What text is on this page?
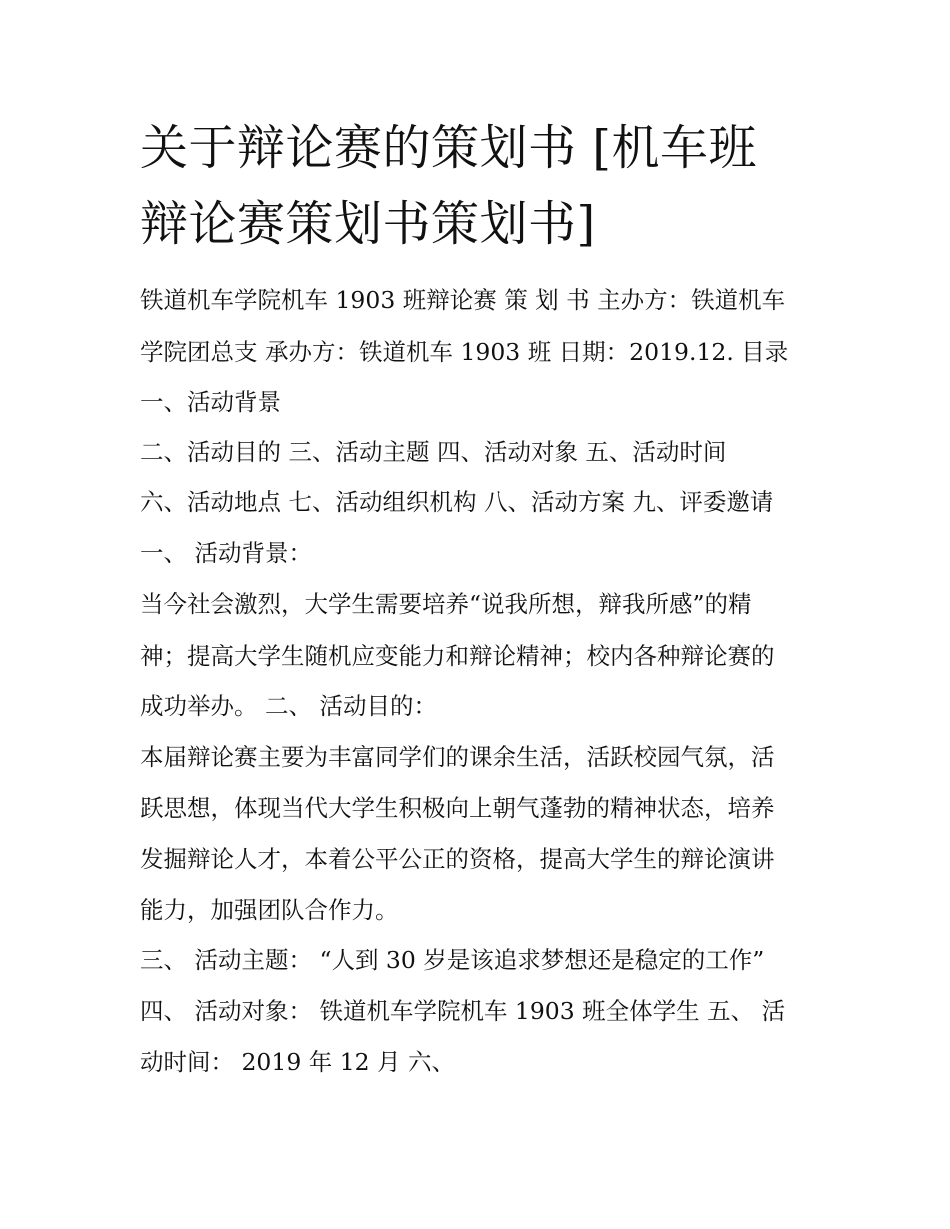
关于辩论赛的策划书 [机车班
辩论赛策划书策划书]

铁道机车学院机车 1903 班辩论赛 策 划 书 主办方：铁道机车

学院团总支 承办方：铁道机车 1903 班 日期：2019.12. 目录

一、活动背景

二、活动目的 三、活动主题 四、活动对象 五、活动时间

六、活动地点 七、活动组织机构 八、活动方案 九、评委邀请

一、 活动背景：

当今社会激烈，大学生需要培养“说我所想，辩我所感”的精

神；提高大学生随机应变能力和辩论精神；校内各种辩论赛的

成功举办。 二、 活动目的：

本届辩论赛主要为丰富同学们的课余生活，活跃校园气氛，活

跃思想，体现当代大学生积极向上朝气蓬勃的精神状态，培养

发掘辩论人才，本着公平公正的资格，提高大学生的辩论演讲

能力，加强团队合作力。

三、 活动主题： “人到 30 岁是该追求梦想还是稳定的工作”

四、 活动对象： 铁道机车学院机车 1903 班全体学生 五、 活

动时间： 2019 年 12 月 六、
